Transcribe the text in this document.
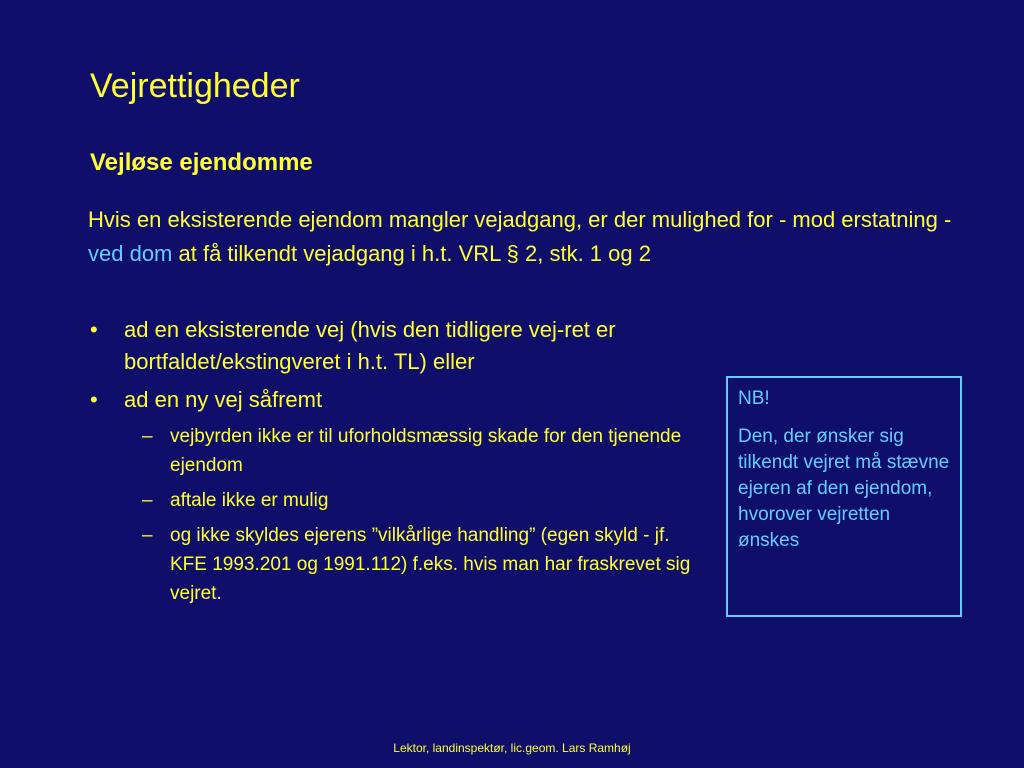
Vejrettigheder
Vejløse ejendomme
Hvis en eksisterende ejendom mangler vejadgang, er der mulighed for - mod erstatning - ved dom at få tilkendt vejadgang i h.t. VRL § 2, stk. 1 og 2
• ad en eksisterende vej (hvis den tidligere vej-ret er bortfaldet/ekstingveret i h.t. TL) eller
• ad en ny vej såfremt
– vejbyrden ikke er til uforholdsmæssig skade for den tjenende ejendom
– aftale ikke er mulig
– og ikke skyldes ejerens ”vilkårlige handling” (egen skyld - jf. KFE 1993.201 og 1991.112) f.eks. hvis man har fraskrevet sig vejret.
NB!
Den, der ønsker sig tilkendt vejret må stævne ejeren af den ejendom, hvorover vejretten ønskes
Lektor, landinspektør, lic.geom. Lars Ramhøj
